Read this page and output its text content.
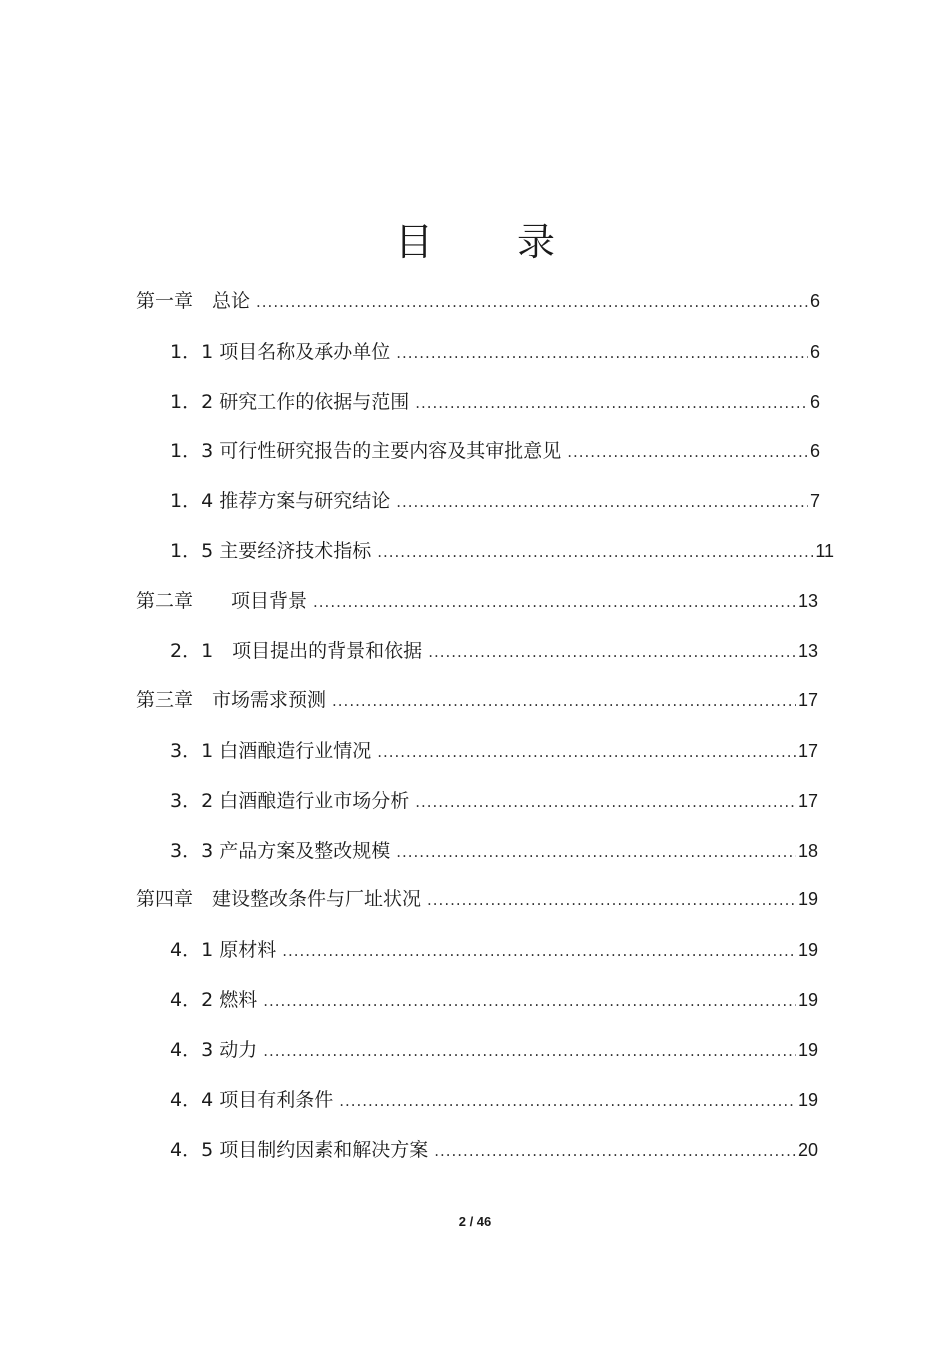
目 录
第一章　总论 .....	6
1．1 项目名称及承办单位 .....	6
1．2 研究工作的依据与范围 .....	6
1．3 可行性研究报告的主要内容及其审批意见 .....	6
1．4 推荐方案与研究结论 .....	7
1．5 主要经济技术指标 .....	11
第二章　　项目背景 .....	13
2．1　项目提出的背景和依据 .....	13
第三章　市场需求预测 .....	17
3．1 白酒酿造行业情况 .....	17
3．2 白酒酿造行业市场分析 .....	17
3．3 产品方案及整改规模 .....	18
第四章　建设整改条件与厂址状况 .....	19
4．1 原材料 .....	19
4．2 燃料 .....	19
4．3 动力 .....	19
4．4 项目有利条件 .....	19
4．5 项目制约因素和解决方案 .....	20
2 / 46
